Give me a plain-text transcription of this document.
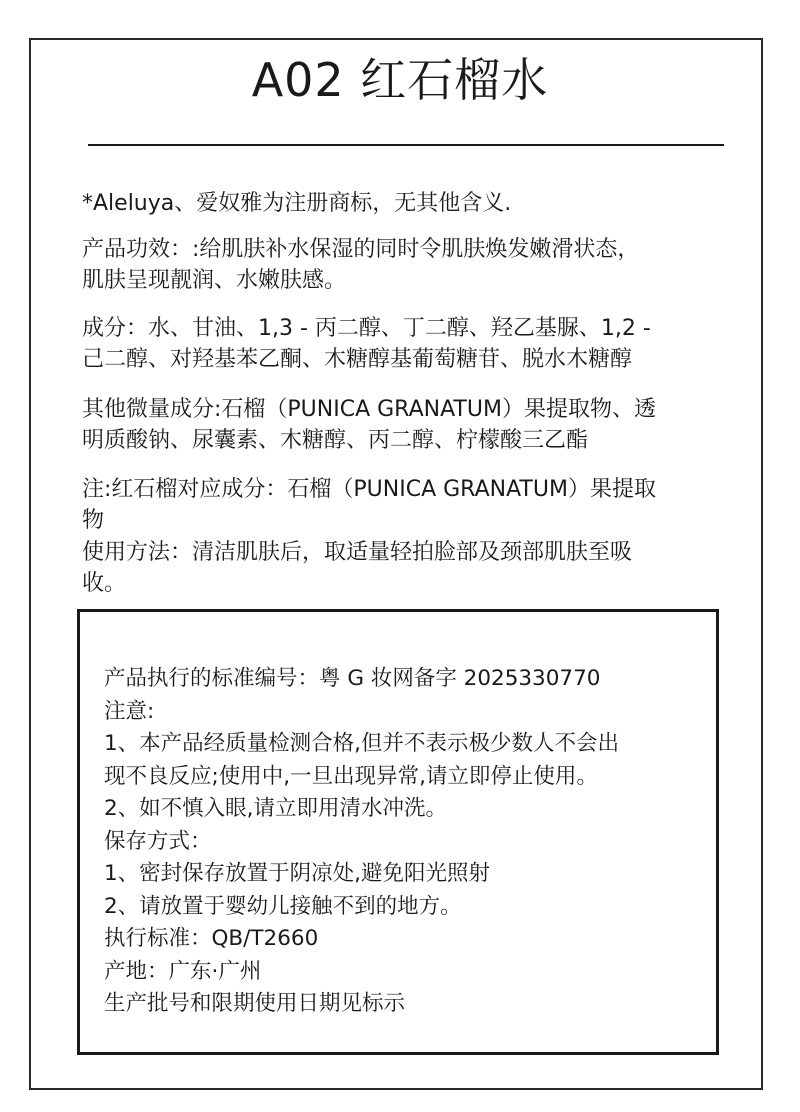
A02 红石榴水
*Aleluya、爱奴雅为注册商标，无其他含义.
产品功效：:给肌肤补水保湿的同时令肌肤焕发嫩滑状态，
肌肤呈现靓润、水嫩肤感。
成分：水、甘油、1,3 - 丙二醇、丁二醇、羟乙基脲、1,2 -
己二醇、对羟基苯乙酮、木糖醇基葡萄糖苷、脱水木糖醇
其他微量成分:石榴（PUNICA GRANATUM）果提取物、透
明质酸钠、尿囊素、木糖醇、丙二醇、柠檬酸三乙酯
注:红石榴对应成分：石榴（PUNICA GRANATUM）果提取
物
使用方法：清洁肌肤后，取适量轻拍脸部及颈部肌肤至吸
收。

产品执行的标准编号：粤 G 妆网备字 2025330770

注意:

1、本产品经质量检测合格,但并不表示极少数人不会出

现不良反应;使用中,一旦出现异常,请立即停止使用。

2、如不慎入眼,请立即用清水冲洗。

保存方式：

1、密封保存放置于阴凉处,避免阳光照射

2、请放置于婴幼儿接触不到的地方。

执行标准：QB/T2660

产地：广东·广州

生产批号和限期使用日期见标示
